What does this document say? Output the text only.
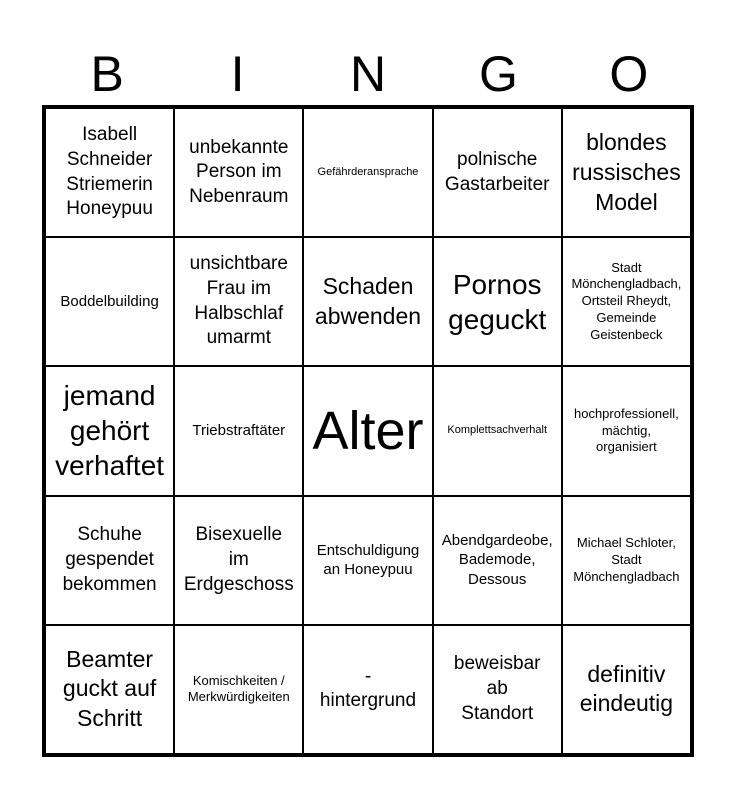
B	I	N	G	O
Isabell
Schneider
Striemerin
Honeypuu
unbekannte
Person im
Nebenraum
Gefährderansprache
polnische
Gastarbeiter
blondes
russisches
Model
Boddelbuilding
unsichtbare
Frau im
Halbschlaf
umarmt
Schaden
abwenden
Pornos
geguckt
Stadt
Mönchengladbach,
Ortsteil Rheydt,
Gemeinde
Geistenbeck
jemand
gehört
verhaftet
Triebstraftäter Alter Komplettsachverhalt
hochprofessionell,
mächtig,
organisiert
Schuhe
gespendet
bekommen
Bisexuelle
im
Erdgeschoss
Entschuldigung
an Honeypuu
Abendgardeobe,
Bademode,
Dessous
Michael Schloter,
Stadt
Mönchengladbach
Beamter
guckt auf
Schritt
Komischkeiten /
Merkwürdigkeiten
-
hintergrund
beweisbar
ab
Standort
definitiv
eindeutig
